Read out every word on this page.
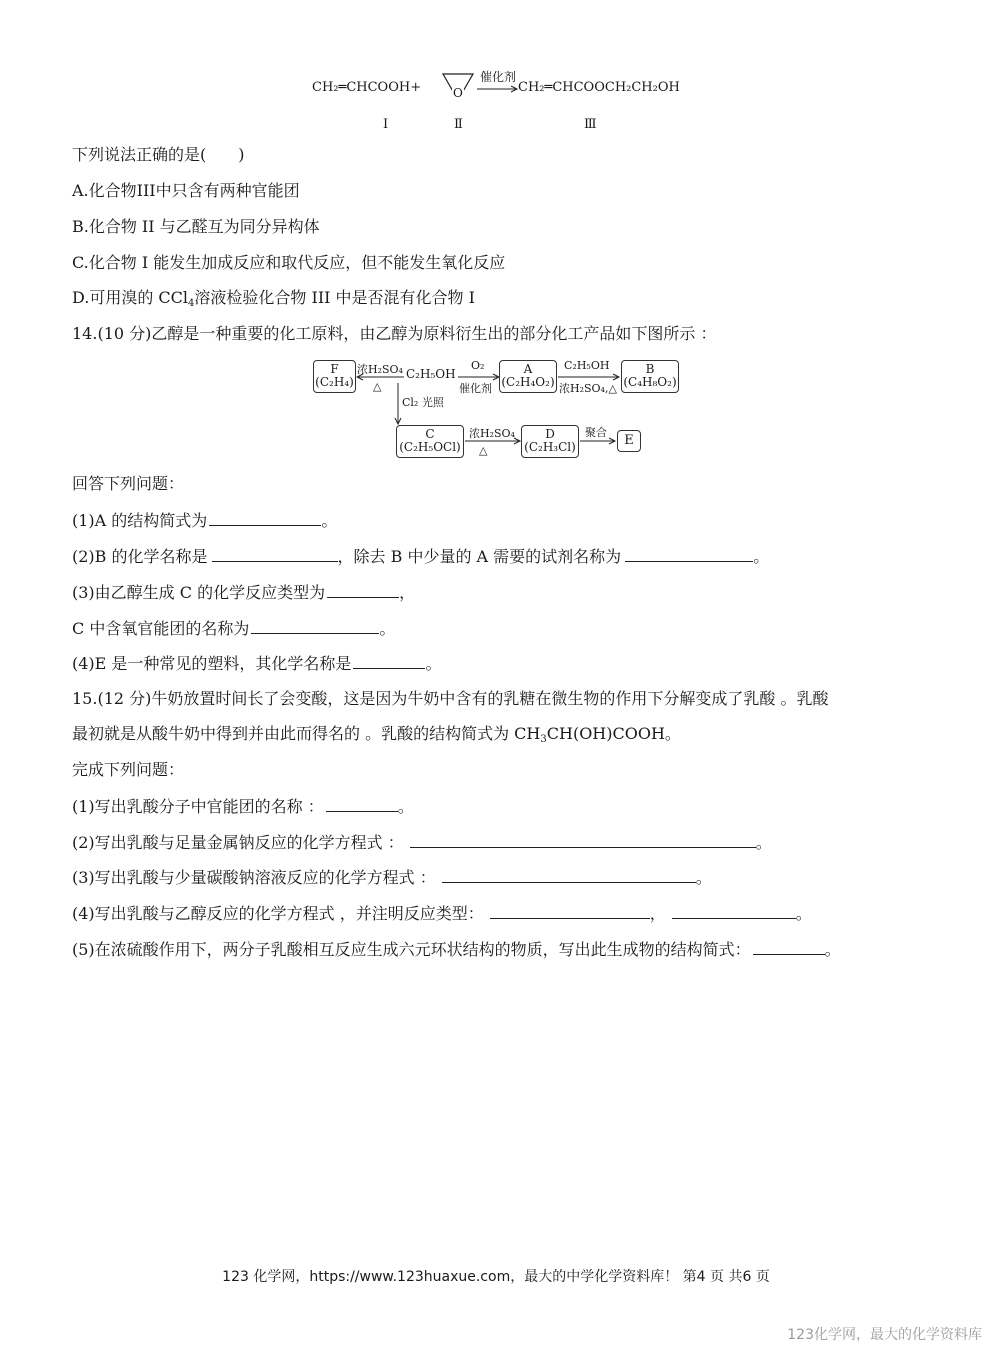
CH₂═CHCOOH+	O
催化剂
CH₂═CHCOOCH₂CH₂OH
Ⅰ	Ⅱ	Ⅲ
下列说法正确的是(　　)
A.化合物III中只含有两种官能团
B.化合物 II 与乙醛互为同分异构体
C.化合物 I 能发生加成反应和取代反应，但不能发生氧化反应
D.可用溴的 CCl$_4$溶液检验化合物 III 中是否混有化合物 I
14.(10 分)乙醇是一种重要的化工原料，由乙醇为原料衍生出的部分化工产品如下图所示 ：
F
(C₂H₄)
浓H₂SO₄
△
C₂H₅OH
O₂
催化剂
A
(C₂H₄O₂)
C₂H₅OH
浓H₂SO₄,△
B
(C₄H₈O₂)
Cl₂ 光照
C
(C₂H₅OCl)
浓H₂SO₄
△
D
(C₂H₃Cl)
聚合
E
回答下列问题：
(1)A 的结构简式为	。
(2)B 的化学名称是	，除去 B 中少量的 A 需要的试剂名称为	。
(3)由乙醇生成 C 的化学反应类型为	，
C 中含氧官能团的名称为	。
(4)E 是一种常见的塑料，其化学名称是	。
15.(12 分)牛奶放置时间长了会变酸，这是因为牛奶中含有的乳糖在微生物的作用下分解变成了乳酸 。乳酸
最初就是从酸牛奶中得到并由此而得名的 。乳酸的结构简式为 $CH_3CH(OH)COOH$。
完成下列问题：
(1)写出乳酸分子中官能团的名称 ：	。
(2)写出乳酸与足量金属钠反应的化学方程式 ：	。
(3)写出乳酸与少量碳酸钠溶液反应的化学方程式 ：	。
(4)写出乳酸与乙醇反应的化学方程式 ，并注明反应类型：	，	。
(5)在浓硫酸作用下，两分子乳酸相互反应生成六元环状结构的物质，写出此生成物的结构简式：	。
123 化学网，https://www.123huaxue.com，最大的中学化学资料库！ 第4 页 共6 页
123化学网，最大的化学资料库
